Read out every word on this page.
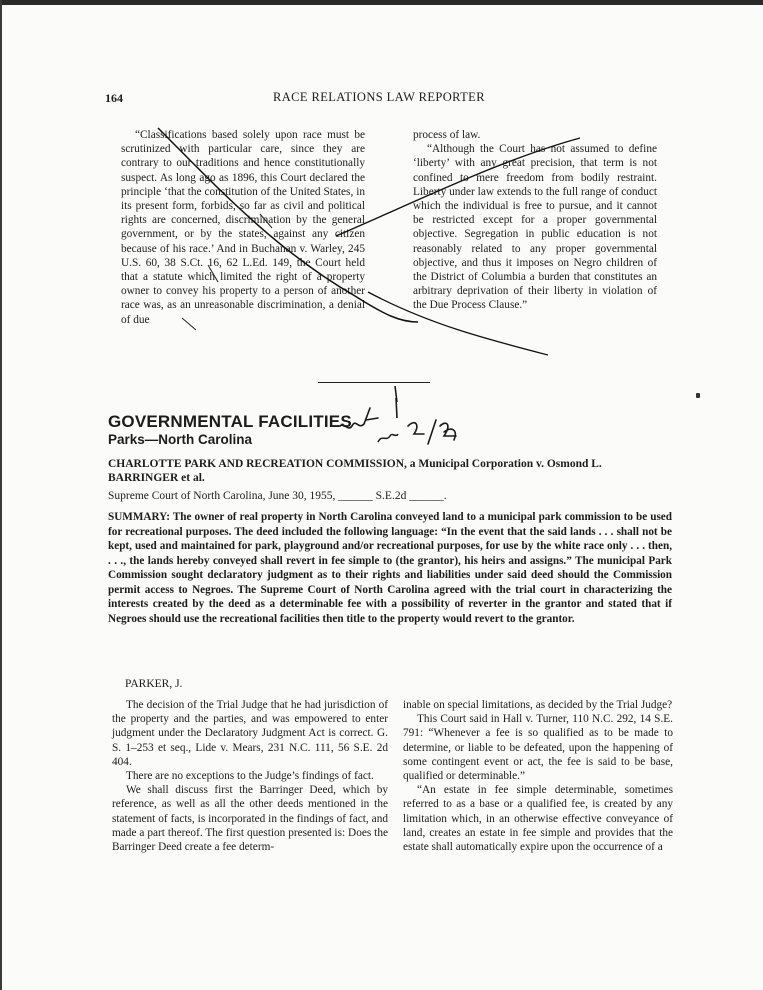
164	RACE RELATIONS LAW REPORTER

“Classifications based solely upon race must be scrutinized with particular care, since they are contrary to our traditions and hence constitutionally suspect. As long ago as 1896, this Court declared the principle ‘that the constitution of the United States, in its present form, forbids, so far as civil and political rights are concerned, discrimination by the general government, or by the states, against any citizen because of his race.’ And in Buchanan v. Warley, 245 U.S. 60, 38 S.Ct. 16, 62 L.Ed. 149, the Court held that a statute which limited the right of a property owner to convey his property to a person of another race was, as an unreasonable discrimination, a denial of due

process of law.

“Although the Court has not assumed to define ‘liberty’ with any great precision, that term is not confined to mere freedom from bodily restraint. Liberty under law extends to the full range of conduct which the individual is free to pursue, and it cannot be restricted except for a proper governmental objective. Segregation in public education is not reasonably related to any proper governmental objective, and thus it imposes on Negro children of the District of Columbia a burden that constitutes an arbitrary deprivation of their liberty in violation of the Due Process Clause.”

GOVERNMENTAL FACILITIES
Parks—North Carolina
CHARLOTTE PARK AND RECREATION COMMISSION, a Municipal Corporation v. Osmond L. BARRINGER et al.
Supreme Court of North Carolina, June 30, 1955, ______ S.E.2d ______.
SUMMARY: The owner of real property in North Carolina conveyed land to a municipal park commission to be used for recreational purposes. The deed included the following language: “In the event that the said lands . . . shall not be kept, used and maintained for park, playground and/or recreational purposes, for use by the white race only . . . then, . . ., the lands hereby conveyed shall revert in fee simple to (the grantor), his heirs and assigns.” The municipal Park Commission sought declaratory judgment as to their rights and liabilities under said deed should the Commission permit access to Negroes. The Supreme Court of North Carolina agreed with the trial court in characterizing the interests created by the deed as a determinable fee with a possibility of reverter in the grantor and stated that if Negroes should use the recreational facilities then title to the property would revert to the grantor.
PARKER, J.

The decision of the Trial Judge that he had jurisdiction of the property and the parties, and was empowered to enter judgment under the Declaratory Judgment Act is correct. G. S. 1–253 et seq., Lide v. Mears, 231 N.C. 111, 56 S.E. 2d 404.

There are no exceptions to the Judge’s findings of fact.

We shall discuss first the Barringer Deed, which by reference, as well as all the other deeds mentioned in the statement of facts, is incorporated in the findings of fact, and made a part thereof. The first question presented is: Does the Barringer Deed create a fee determ-

inable on special limitations, as decided by the Trial Judge?

This Court said in Hall v. Turner, 110 N.C. 292, 14 S.E. 791: “Whenever a fee is so qualified as to be made to determine, or liable to be defeated, upon the happening of some contingent event or act, the fee is said to be base, qualified or determinable.”

“An estate in fee simple determinable, sometimes referred to as a base or a qualified fee, is created by any limitation which, in an otherwise effective conveyance of land, creates an estate in fee simple and provides that the estate shall automatically expire upon the occurrence of a
